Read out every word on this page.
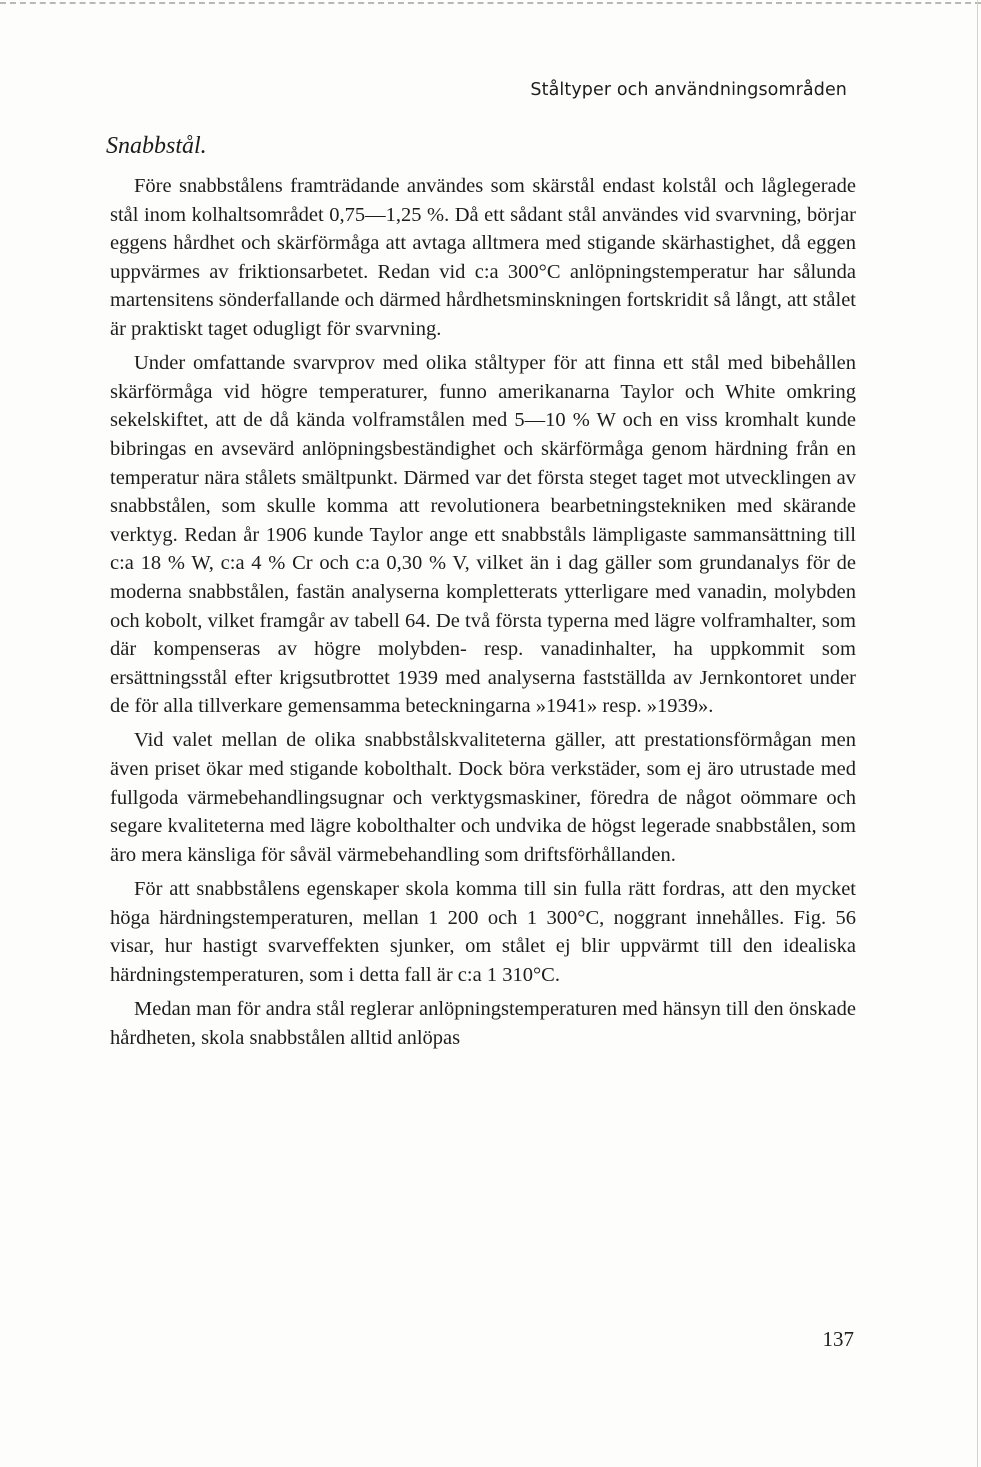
Ståltyper och användningsområden
Snabbstål.

Före snabbstålens framträdande användes som skärstål endast kolstål och låglegerade stål inom kolhaltsområdet 0,75—1,25 %. Då ett sådant stål användes vid svarvning, börjar eggens hårdhet och skärförmåga att avtaga alltmera med stigande skärhastighet, då eggen uppvärmes av friktionsarbetet. Redan vid c:a 300°C anlöpningstemperatur har sålunda martensitens sönderfallande och därmed hårdhetsminskningen fortskridit så långt, att stålet är praktiskt taget odugligt för svarvning.

Under omfattande svarvprov med olika ståltyper för att finna ett stål med bibehållen skärförmåga vid högre temperaturer, funno amerikanarna Taylor och White omkring sekelskiftet, att de då kända volframstålen med 5—10 % W och en viss kromhalt kunde bibringas en avsevärd anlöpningsbeständighet och skärförmåga genom härdning från en temperatur nära stålets smältpunkt. Därmed var det första steget taget mot utvecklingen av snabbstålen, som skulle komma att revolutionera bearbetningstekniken med skärande verktyg. Redan år 1906 kunde Taylor ange ett snabbståls lämpligaste sammansättning till c:a 18 % W, c:a 4 % Cr och c:a 0,30 % V, vilket än i dag gäller som grundanalys för de moderna snabbstålen, fastän analyserna kompletterats ytterligare med vanadin, molybden och kobolt, vilket framgår av tabell 64. De två första typerna med lägre volframhalter, som där kompenseras av högre molybden- resp. vanadinhalter, ha uppkommit som ersättningsstål efter krigsutbrottet 1939 med analyserna fastställda av Jernkontoret under de för alla tillverkare gemensamma beteckningarna »1941» resp. »1939».

Vid valet mellan de olika snabbstålskvaliteterna gäller, att prestationsförmågan men även priset ökar med stigande kobolthalt. Dock böra verkstäder, som ej äro utrustade med fullgoda värmebehandlingsugnar och verktygsmaskiner, föredra de något oömmare och segare kvaliteterna med lägre kobolthalter och undvika de högst legerade snabbstålen, som äro mera känsliga för såväl värmebehandling som driftsförhållanden.

För att snabbstålens egenskaper skola komma till sin fulla rätt fordras, att den mycket höga härdningstemperaturen, mellan 1 200 och 1 300°C, noggrant innehålles. Fig. 56 visar, hur hastigt svarveffekten sjunker, om stålet ej blir uppvärmt till den idealiska härdningstemperaturen, som i detta fall är c:a 1 310°C.

Medan man för andra stål reglerar anlöpningstemperaturen med hänsyn till den önskade hårdheten, skola snabbstålen alltid anlöpas

137
